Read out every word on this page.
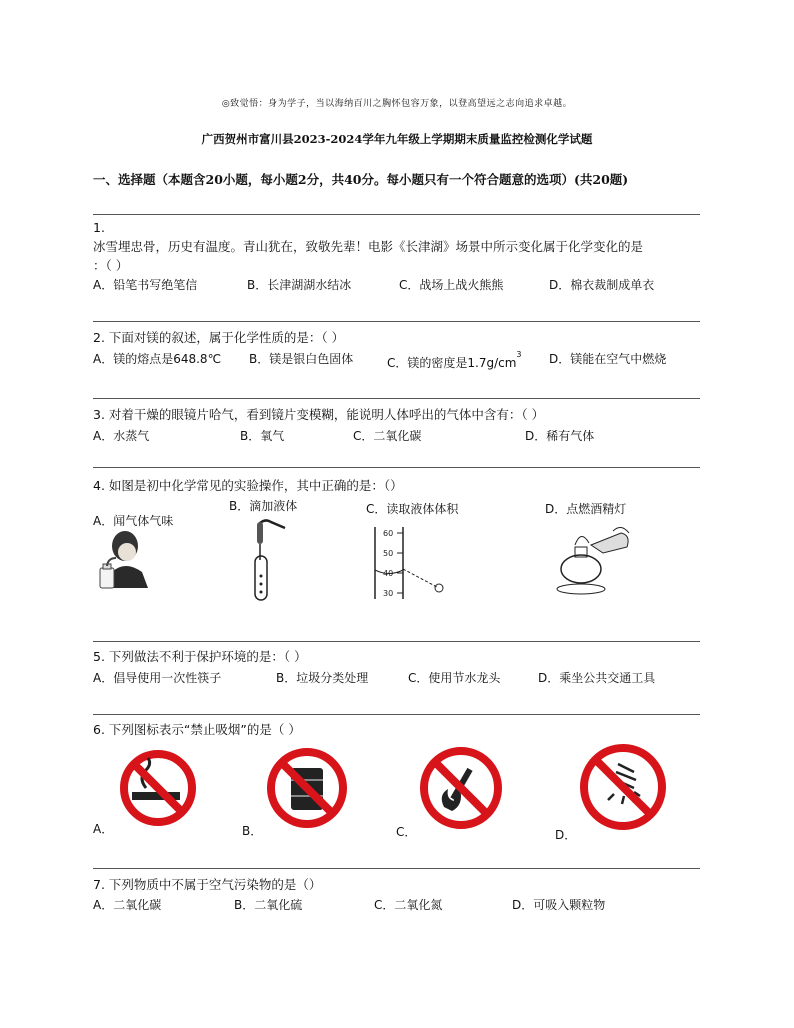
◎致觉悟：身为学子，当以海纳百川之胸怀包容万象，以登高望远之志向追求卓越。
广西贺州市富川县2023-2024学年九年级上学期期末质量监控检测化学试题
一、选择题（本题含20小题，每小题2分，共40分。每小题只有一个符合题意的选项）(共20题)
1.
冰雪埋忠骨，历史有温度。青山犹在，致敬先辈！电影《长津湖》场景中所示变化属于化学变化的是
：（ ）
A．铅笔书写绝笔信	B．长津湖湖水结冰	C．战场上战火熊熊	D．棉衣裁制成单衣
2. 下面对镁的叙述，属于化学性质的是：（ ）
A．镁的熔点是648.8℃ B．镁是银白色固体	C．镁的密度是$1.7g/cm^3$ D．镁能在空气中燃烧
3. 对着干燥的眼镜片哈气，看到镜片变模糊，能说明人体呼出的气体中含有：（ ）
A．水蒸气	B．氧气	C．二氧化碳	D．稀有气体
4. 如图是初中化学常见的实验操作，其中正确的是：（）
A．闻气体气味
B．滴加液体	C．读取液体体积	D．点燃酒精灯
60
50
40
30
5. 下列做法不利于保护环境的是：（ ）
A．倡导使用一次性筷子	B．垃圾分类处理	C．使用节水龙头	D．乘坐公共交通工具
6. 下列图标表示“禁止吸烟”的是（ ）
A．	B．	C．	D．
7. 下列物质中不属于空气污染物的是（）
A．二氧化碳	B．二氧化硫	C．二氧化氮	D．可吸入颗粒物
